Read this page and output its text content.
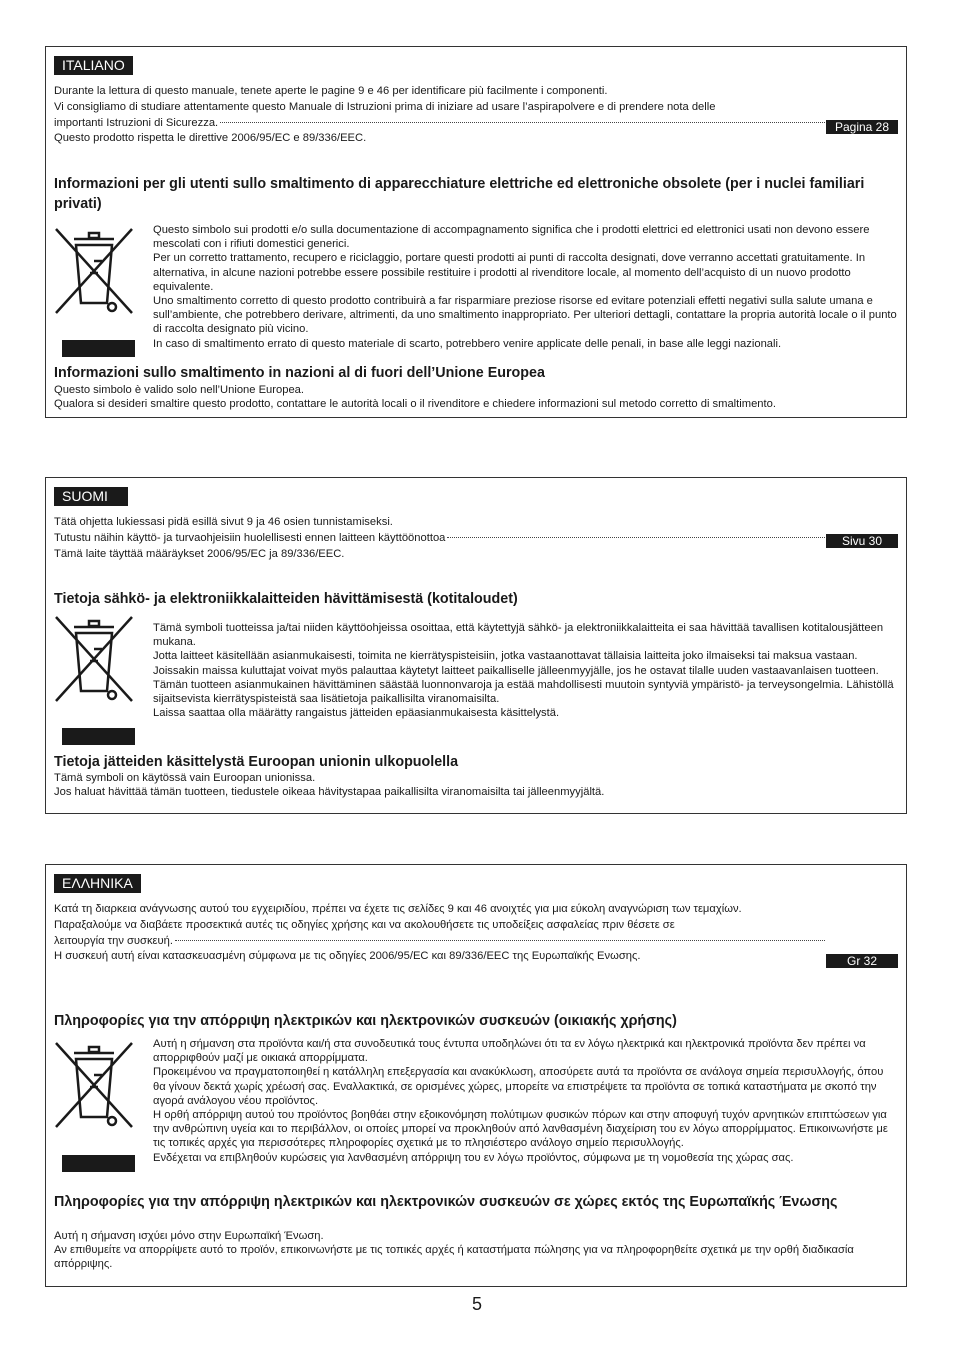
ITALIANO

Durante la lettura di questo manuale, tenete aperte le pagine 9 e 46 per identificare più facilmente i componenti.

Vi consigliamo di studiare attentamente questo Manuale di Istruzioni prima di iniziare ad usare l’aspirapolvere e di prendere nota delle

importanti Istruzioni di Sicurezza.

Questo prodotto rispetta le direttive 2006/95/EC e 89/336/EEC.

Pagina 28

Informazioni per gli utenti sullo smaltimento di apparecchiature elettriche ed elettroniche obsolete (per i nuclei familiari privati)

Questo simbolo sui prodotti e/o sulla documentazione di accompagnamento significa che i prodotti elettrici ed elettronici usati non devono essere mescolati con i rifiuti domestici generici.

Per un corretto trattamento, recupero e riciclaggio, portare questi prodotti ai punti di raccolta designati, dove verranno accettati gratuitamente. In alternativa, in alcune nazioni potrebbe essere possibile restituire i prodotti al rivenditore locale, al momento dell’acquisto di un nuovo prodotto equivalente.

Uno smaltimento corretto di questo prodotto contribuirà a far risparmiare preziose risorse ed evitare potenziali effetti negativi sulla salute umana e sull’ambiente, che potrebbero derivare, altrimenti, da uno smaltimento inappropriato. Per ulteriori dettagli, contattare la propria autorità locale o il punto di raccolta designato più vicino.

In caso di smaltimento errato di questo materiale di scarto, potrebbero venire applicate delle penali, in base alle leggi nazionali.

Informazioni sullo smaltimento in nazioni al di fuori dell’Unione Europea

Questo simbolo è valido solo nell’Unione Europea.

Qualora si desideri smaltire questo prodotto, contattare le autorità locali o il rivenditore e chiedere informazioni sul metodo corretto di smaltimento.

SUOMI

Tätä ohjetta lukiessasi pidä esillä sivut 9 ja 46 osien tunnistamiseksi.

Tutustu näihin käyttö- ja turvaohjeisiin huolellisesti ennen laitteen käyttöönottoa

Tämä laite täyttää määräykset 2006/95/EC ja 89/336/EEC.

Sivu 30

Tietoja sähkö- ja elektroniikkalaitteiden hävittämisestä (kotitaloudet)

Tämä symboli tuotteissa ja/tai niiden käyttöohjeissa osoittaa, että käytettyjä sähkö- ja elektroniikkalaitteita ei saa hävittää tavallisen kotitalousjätteen mukana.

Jotta laitteet käsitellään asianmukaisesti, toimita ne kierrätyspisteisiin, jotka vastaanottavat tällaisia laitteita joko ilmaiseksi tai maksua vastaan. Joissakin maissa kuluttajat voivat myös palauttaa käytetyt laitteet paikalliselle jälleenmyyjälle, jos he ostavat tilalle uuden vastaavanlaisen tuotteen.

Tämän tuotteen asianmukainen hävittäminen säästää luonnonvaroja ja estää mahdollisesti muutoin syntyviä ympäristö- ja terveysongelmia. Lähistöllä sijaitsevista kierrätyspisteistä saa lisätietoja paikallisilta viranomaisilta.

Laissa saattaa olla määrätty rangaistus jätteiden epäasianmukaisesta käsittelystä.

Tietoja jätteiden käsittelystä Euroopan unionin ulkopuolella

Tämä symboli on käytössä vain Euroopan unionissa.

Jos haluat hävittää tämän tuotteen, tiedustele oikeaa hävitystapaa paikallisilta viranomaisilta tai jälleenmyyjältä.

ΕΛΛΗΝΙΚΑ

Κατά τη διαρκεια ανάγνωσης αυτού του εγχειριδίου, πρέπει να έχετε τις σελίδες 9 και 46 ανοιχτές για μια εύκολη αναγνώριση των τεμαχίων.

Παραξαλούμε να διαβάετε προσεκτικά αυτές τις οδηγίες χρήσης και να ακολουθήσετε τις υποδείξεις ασφαλείας πριν θέσετε σε

λειτουργία την συσκευή.

Η συσκευή αυτή είναι κατασκευασμένη σύμφωνα με τις οδηγίες 2006/95/EC και 89/336/EEC της Ευρωπαϊκής Ενωσης.	Gr 32

Πληροφορίες για την απόρριψη ηλεκτρικών και ηλεκτρονικών συσκευών (οικιακής χρήσης)

Αυτή η σήμανση στα προϊόντα και/ή στα συνοδευτικά τους έντυπα υποδηλώνει ότι τα εν λόγω ηλεκτρικά και ηλεκτρονικά προϊόντα δεν πρέπει να απορριφθούν μαζί με οικιακά απορρίμματα.

Προκειμένου να πραγματοποιηθεί η κατάλληλη επεξεργασία και ανακύκλωση, αποσύρετε αυτά τα προϊόντα σε ανάλογα σημεία περισυλλογής, όπου θα γίνουν δεκτά χωρίς χρέωσή σας. Εναλλακτικά, σε ορισμένες χώρες, μπορείτε να επιστρέψετε τα προϊόντα σε τοπικά καταστήματα με σκοπό την αγορά ανάλογου νέου προϊόντος.

Η ορθή απόρριψη αυτού του προϊόντος βοηθάει στην εξοικονόμηση πολύτιμων φυσικών πόρων και στην αποφυγή τυχόν αρνητικών επιπτώσεων για την ανθρώπινη υγεία και το περιβάλλον, οι οποίες μπορεί να προκληθούν από λανθασμένη διαχείριση του εν λόγω απορρίμματος. Επικοινωνήστε με τις τοπικές αρχές για περισσότερες πληροφορίες σχετικά με το πλησιέστερο ανάλογο σημείο περισυλλογής.

Ενδέχεται να επιβληθούν κυρώσεις για λανθασμένη απόρριψη του εν λόγω προϊόντος, σύμφωνα με τη νομοθεσία της χώρας σας.

Πληροφορίες για την απόρριψη ηλεκτρικών και ηλεκτρονικών συσκευών σε χώρες εκτός της Ευρωπαϊκής Ένωσης

Αυτή η σήμανση ισχύει μόνο στην Ευρωπαϊκή Ένωση.

Αν επιθυμείτε να απορρίψετε αυτό το προϊόν, επικοινωνήστε με τις τοπικές αρχές ή καταστήματα πώλησης για να πληροφορηθείτε σχετικά με την ορθή διαδικασία απόρριψης.

5
